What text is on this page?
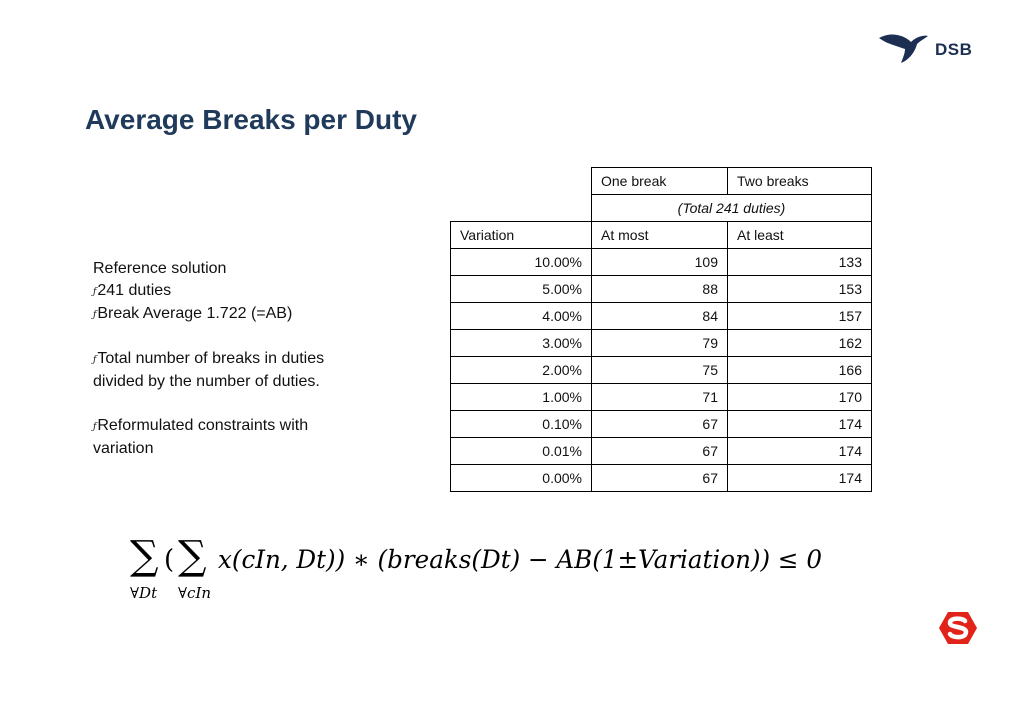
DSB
Average Breaks per Duty
Reference solution
ƒ241 duties
ƒBreak Average 1.722 (=AB)
ƒTotal number of breaks in duties
divided by the number of duties.
ƒReformulated constraints with
variation
	One break	Two breaks
	(Total 241 duties)	
Variation	At most	At least
10.00%	109	133
5.00%	88	153
4.00%	84	157
3.00%	79	162
2.00%	75	166
1.00%	71	170
0.10%	67	174
0.01%	67	174
0.00%	67	174
∑
∀Dt
( ∑
∀cIn
x(cIn, Dt)) ∗ (breaks(Dt) − AB(1±Variation)) ≤ 0
